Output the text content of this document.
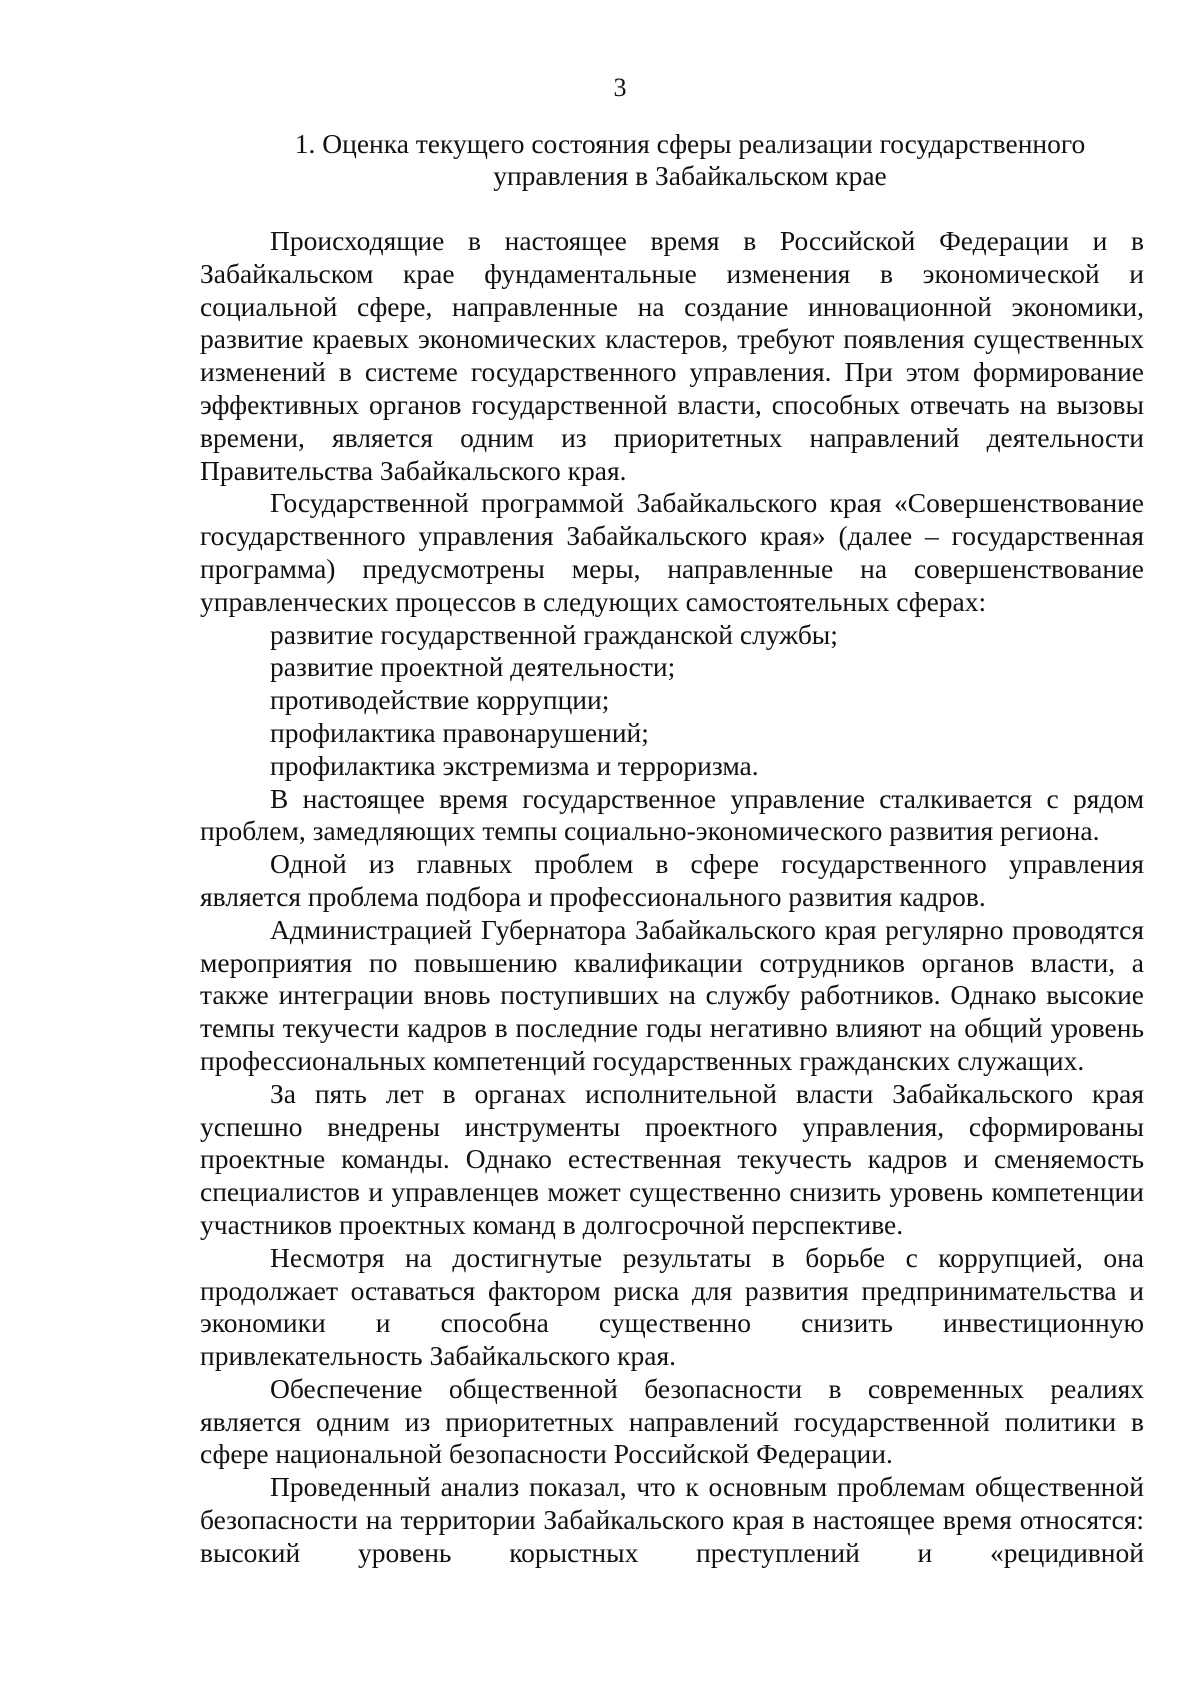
3
1. Оценка текущего состояния сферы реализации государственного
управления в Забайкальском крае

Происходящие в настоящее время в Российской Федерации и в Забайкальском крае фундаментальные изменения в экономической и социальной сфере, направленные на создание инновационной экономики, развитие краевых экономических кластеров, требуют появления существенных изменений в системе государственного управления. При этом формирование эффективных органов государственной власти, способных отвечать на вызовы времени, является одним из приоритетных направлений деятельности Правительства Забайкальского края.

Государственной программой Забайкальского края «Совершенствование государственного управления Забайкальского края» (далее – государственная программа) предусмотрены меры, направленные на совершенствование управленческих процессов в следующих самостоятельных сферах:

развитие государственной гражданской службы;

развитие проектной деятельности;

противодействие коррупции;

профилактика правонарушений;

профилактика экстремизма и терроризма.

В настоящее время государственное управление сталкивается с рядом проблем, замедляющих темпы социально-экономического развития региона.

Одной из главных проблем в сфере государственного управления является проблема подбора и профессионального развития кадров.

Администрацией Губернатора Забайкальского края регулярно проводятся мероприятия по повышению квалификации сотрудников органов власти, а также интеграции вновь поступивших на службу работников. Однако высокие темпы текучести кадров в последние годы негативно влияют на общий уровень профессиональных компетенций государственных гражданских служащих.

За пять лет в органах исполнительной власти Забайкальского края успешно внедрены инструменты проектного управления, сформированы проектные команды. Однако естественная текучесть кадров и сменяемость специалистов и управленцев может существенно снизить уровень компетенции участников проектных команд в долгосрочной перспективе.

Несмотря на достигнутые результаты в борьбе с коррупцией, она продолжает оставаться фактором риска для развития предпринимательства и экономики и способна существенно снизить инвестиционную привлекательность Забайкальского края.

Обеспечение общественной безопасности в современных реалиях является одним из приоритетных направлений государственной политики в сфере национальной безопасности Российской Федерации.

Проведенный анализ показал, что к основным проблемам общественной безопасности на территории Забайкальского края в настоящее время относятся: высокий уровень корыстных преступлений и «рецидивной
